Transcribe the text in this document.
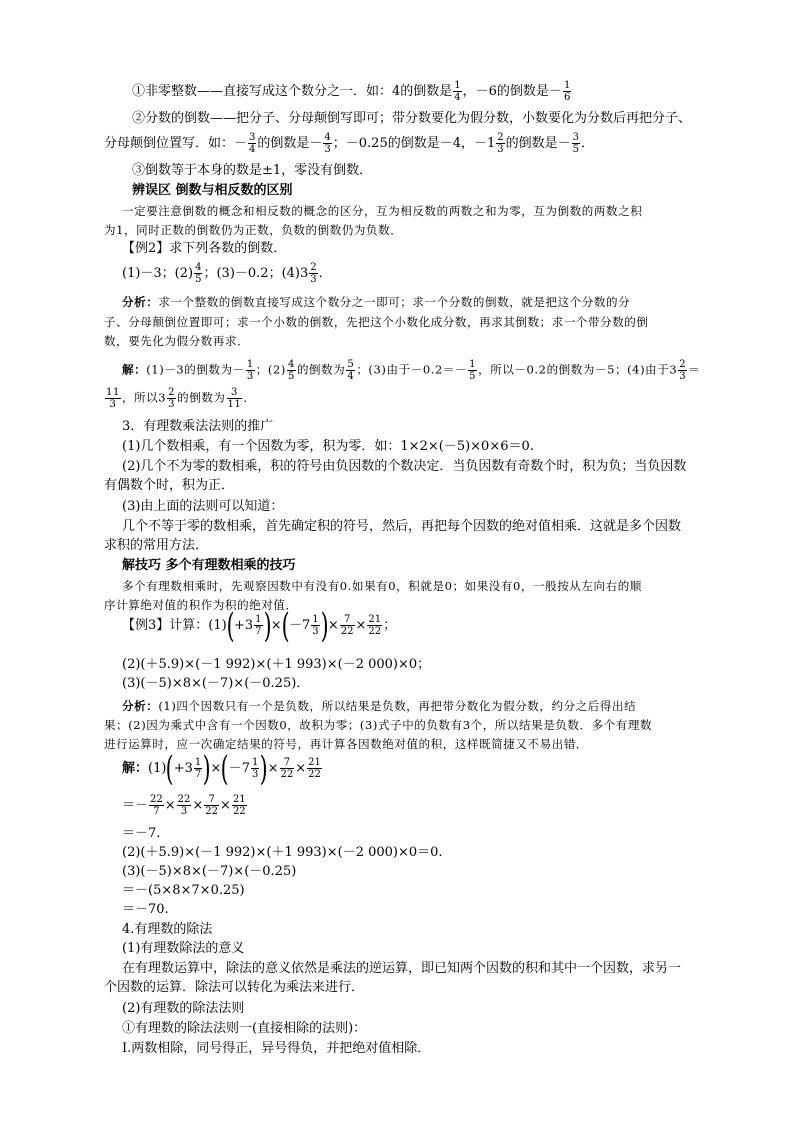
①非零整数——直接写成这个数分之一．如：4的倒数是 $\frac{1}{4}$ ，－6的倒数是－ $\frac{1}{6}$
②分数的倒数——把分子、分母颠倒写即可；带分数要化为假分数，小数要化为分数后再把分子、
分母颠倒位置写．如：－ $\frac{3}{4}$ 的倒数是－ $\frac{4}{3}$ ；－0.25的倒数是－4，$-1 \frac{2}{3}$ 的倒数是－ $\frac{3}{5}$ ．
③倒数等于本身的数是±1，零没有倒数．
辨误区 倒数与相反数的区别
一定要注意倒数的概念和相反数的概念的区分，互为相反数的两数之和为零，互为倒数的两数之积
为1，同时正数的倒数仍为正数，负数的倒数仍为负数．
【例2】求下列各数的倒数．
(1)－3；$(2) \frac{4}{5}$ ；(3)－0.2；$(4)3 \frac{2}{3}$ ．
分析：求一个整数的倒数直接写成这个数分之一即可；求一个分数的倒数，就是把这个分数的分
子、分母颠倒位置即可；求一个小数的倒数，先把这个小数化成分数，再求其倒数；求一个带分数的倒
数，要先化为假分数再求．
解：(1)－3的倒数为－ $\frac{1}{3}$ ；$(2) \frac{4}{5}$ 的倒数为 $\frac{5}{4}$ ；(3)由于$-0.2=- \frac{1}{5}$ ，所以－0.2的倒数为－5；(4)由于$3 \frac{2}{3}$ ＝
$\frac{11}{3}$ ，所以$3 \frac{2}{3}$ 的倒数为 $\frac{3}{11}$ ．
3．有理数乘法法则的推广
(1)几个数相乘，有一个因数为零，积为零．如：1×2×(－5)×0×6＝0.
(2)几个不为零的数相乘，积的符号由负因数的个数决定．当负因数有奇数个时，积为负；当负因数
有偶数个时，积为正．
(3)由上面的法则可以知道：
几个不等于零的数相乘，首先确定积的符号，然后，再把每个因数的绝对值相乘．这就是多个因数
求积的常用方法．
解技巧 多个有理数相乘的技巧
多个有理数相乘时，先观察因数中有没有0.如果有0，积就是0；如果没有0，一般按从左向右的顺
序计算绝对值的积作为积的绝对值．
【例3】计算：$(1)(+3 \frac{1}{7} )\times(-7 \frac{1}{3}$ )× $\frac{7}{22} \times \frac{21}{22}$ ；
(2)(＋5.9)×(－1 992)×(＋1 993)×(－2 000)×0；
(3)(－5)×8×(－7)×(－0.25)．
分析：(1)四个因数只有一个是负数，所以结果是负数，再把带分数化为假分数，约分之后得出结
果；(2)因为乘式中含有一个因数0，故积为零；(3)式子中的负数有3个，所以结果是负数．多个有理数
进行运算时，应一次确定结果的符号，再计算各因数绝对值的积，这样既简捷又不易出错．
解：$(1)(+3 \frac{1}{7} )\times(-7 \frac{1}{3}$ )× $\frac{7}{22} \times \frac{21}{22}$
＝－ $\frac{22}{7} \times \frac{22}{3} \times \frac{7}{22} \times \frac{21}{22}$
＝－7.
(2)(＋5.9)×(－1 992)×(＋1 993)×(－2 000)×0＝0.
(3)(－5)×8×(－7)×(－0.25)
＝－(5×8×7×0.25)
＝－70.
4.有理数的除法
(1)有理数除法的意义
在有理数运算中，除法的意义依然是乘法的逆运算，即已知两个因数的积和其中一个因数，求另一
个因数的运算．除法可以转化为乘法来进行．
(2)有理数的除法法则
①有理数的除法法则一(直接相除的法则)：
Ⅰ.两数相除，同号得正，异号得负，并把绝对值相除．
